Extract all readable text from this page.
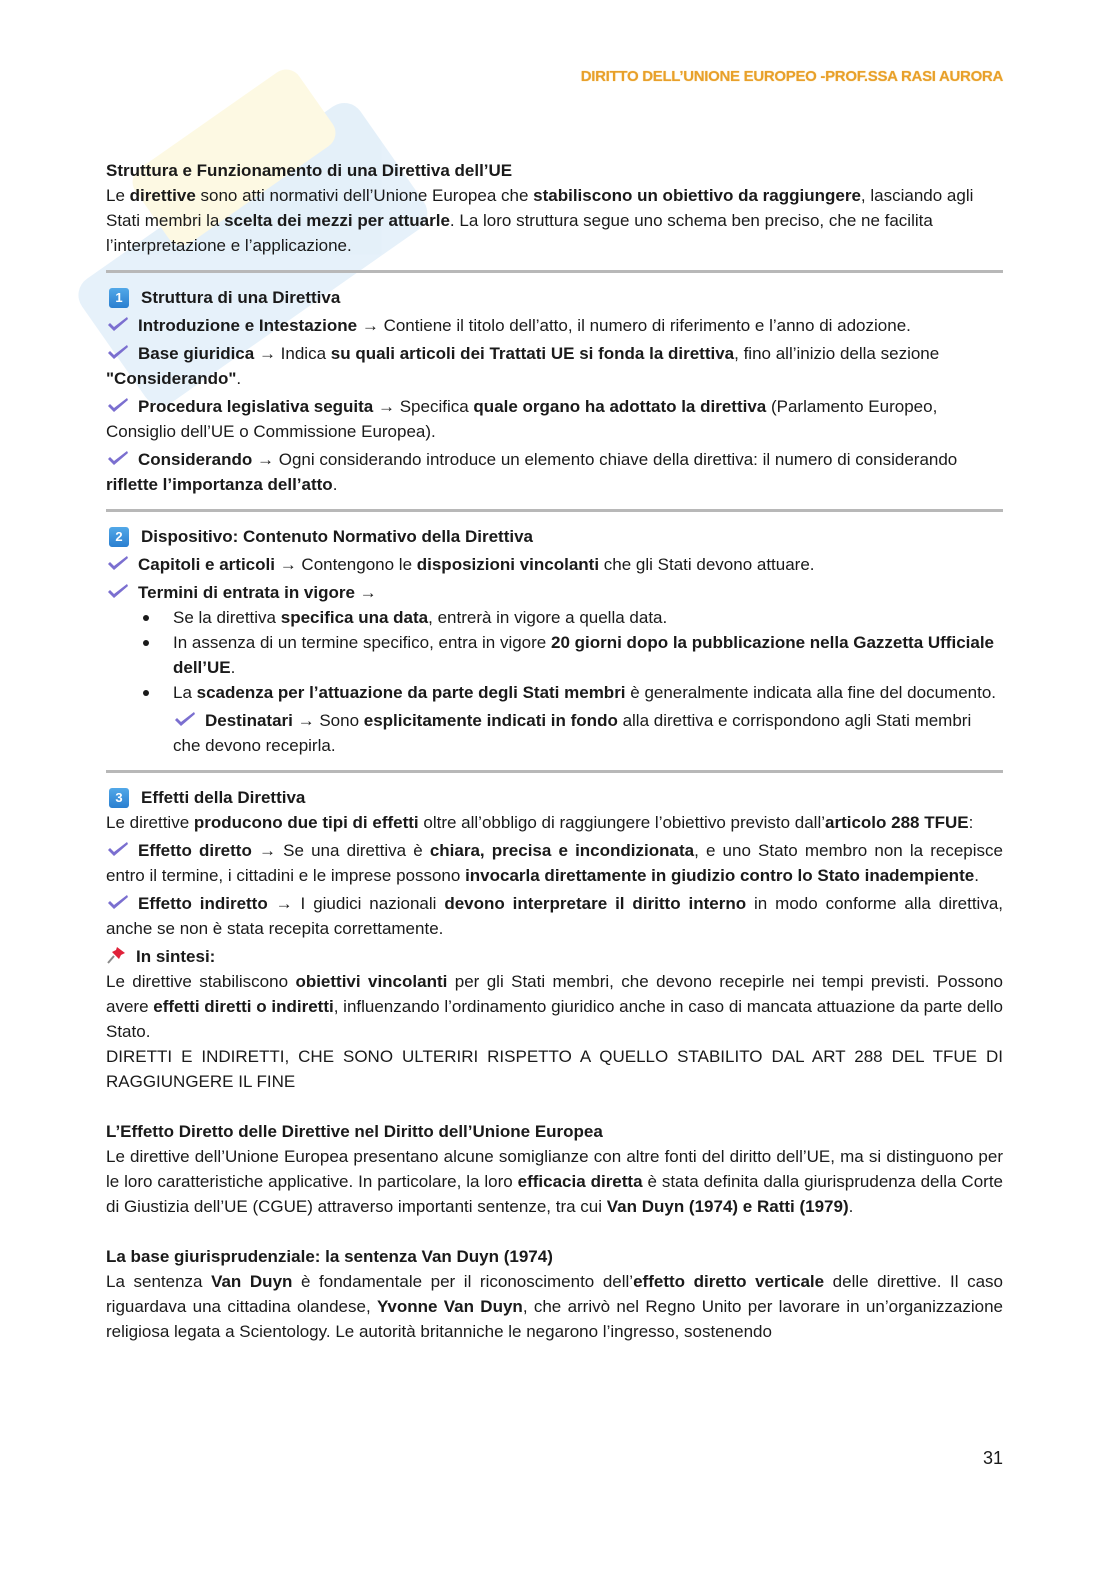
DIRITTO DELL’UNIONE EUROPEO -PROF.SSA RASI AURORA

Struttura e Funzionamento di una Direttiva dell’UE

Le direttive sono atti normativi dell’Unione Europea che stabiliscono un obiettivo da raggiungere, lasciando agli Stati membri la scelta dei mezzi per attuarle. La loro struttura segue uno schema ben preciso, che ne facilita l’interpretazione e l’applicazione.

1	Struttura di una Direttiva

Introduzione e Intestazione → Contiene il titolo dell’atto, il numero di riferimento e l’anno di adozione.

Base giuridica → Indica su quali articoli dei Trattati UE si fonda la direttiva, fino all’inizio della sezione "Considerando".

Procedura legislativa seguita → Specifica quale organo ha adottato la direttiva (Parlamento Europeo, Consiglio dell’UE o Commissione Europea).

Considerando → Ogni considerando introduce un elemento chiave della direttiva: il numero di considerando riflette l’importanza dell’atto.

2	Dispositivo: Contenuto Normativo della Direttiva

Capitoli e articoli → Contengono le disposizioni vincolanti che gli Stati devono attuare.

Termini di entrata in vigore →

Se la direttiva specifica una data, entrerà in vigore a quella data.
In assenza di un termine specifico, entra in vigore 20 giorni dopo la pubblicazione nella Gazzetta Ufficiale dell’UE.
La scadenza per l’attuazione da parte degli Stati membri è generalmente indicata alla fine del documento.

Destinatari → Sono esplicitamente indicati in fondo alla direttiva e corrispondono agli Stati membri che devono recepirla.

3	Effetti della Direttiva

Le direttive producono due tipi di effetti oltre all’obbligo di raggiungere l’obiettivo previsto dall’articolo 288 TFUE:

Effetto diretto → Se una direttiva è chiara, precisa e incondizionata, e uno Stato membro non la recepisce entro il termine, i cittadini e le imprese possono invocarla direttamente in giudizio contro lo Stato inadempiente.

Effetto indiretto → I giudici nazionali devono interpretare il diritto interno in modo conforme alla direttiva, anche se non è stata recepita correttamente.

In sintesi:

Le direttive stabiliscono obiettivi vincolanti per gli Stati membri, che devono recepirle nei tempi previsti. Possono avere effetti diretti o indiretti, influenzando l’ordinamento giuridico anche in caso di mancata attuazione da parte dello Stato.

DIRETTI E INDIRETTI, CHE SONO ULTERIRI RISPETTO A QUELLO STABILITO DAL ART 288 DEL TFUE DI RAGGIUNGERE IL FINE

L’Effetto Diretto delle Direttive nel Diritto dell’Unione Europea

Le direttive dell’Unione Europea presentano alcune somiglianze con altre fonti del diritto dell’UE, ma si distinguono per le loro caratteristiche applicative. In particolare, la loro efficacia diretta è stata definita dalla giurisprudenza della Corte di Giustizia dell’UE (CGUE) attraverso importanti sentenze, tra cui Van Duyn (1974) e Ratti (1979).

La base giurisprudenziale: la sentenza Van Duyn (1974)

La sentenza Van Duyn è fondamentale per il riconoscimento dell’effetto diretto verticale delle direttive. Il caso riguardava una cittadina olandese, Yvonne Van Duyn, che arrivò nel Regno Unito per lavorare in un’organizzazione religiosa legata a Scientology. Le autorità britanniche le negarono l’ingresso, sostenendo

31
